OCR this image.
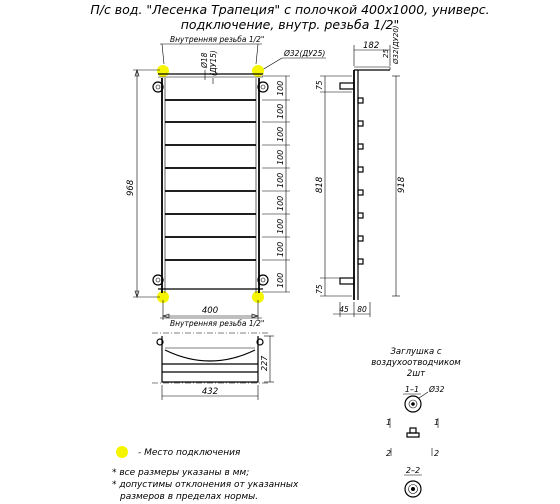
П/с вод. "Лесенка Трапеция" с полочкой 400х1000, универс.
подключение, внутр. резьба 1/2"
Внутренняя резьба 1/2"
Ø18 (ДУ15)	Ø32(ДУ25)
968
100
100
100
100
100
100
100
100
100
400
Внутренняя резьба 1/2"
182
25 Ø32(ДУ20)
75
818
75
918
45 80
227
432
Заглушка с
воздухоотводчиком
2шт
1–1 Ø32
1	1
2	2
2–2
- Место подключения
* все размеры указаны в мм;
* допустимы отклонения от указанных
размеров в пределах нормы.
